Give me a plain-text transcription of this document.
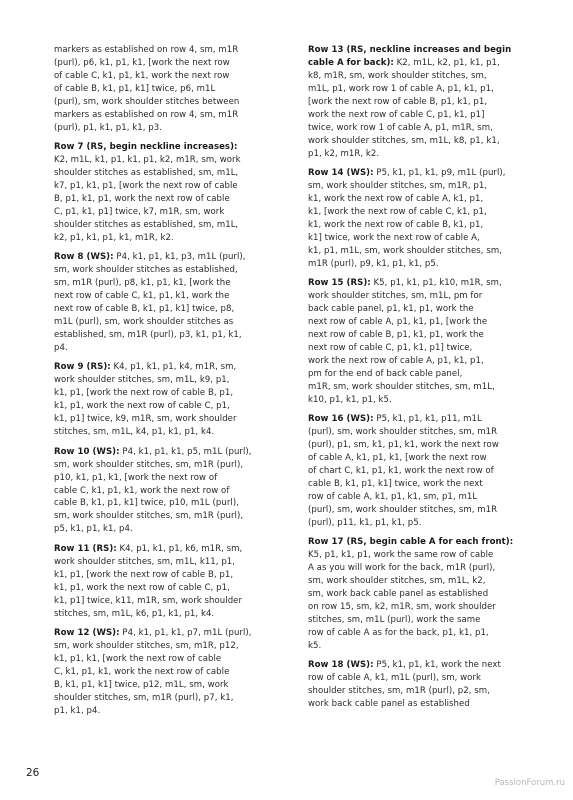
markers as established on row 4, sm, m1R
(purl), p6, k1, p1, k1, [work the next row
of cable C, k1, p1, k1, work the next row
of cable B, k1, p1, k1] twice, p6, m1L
(purl), sm, work shoulder stitches between
markers as established on row 4, sm, m1R
(purl), p1, k1, p1, k1, p3.
Row 7 (RS, begin neckline increases):
K2, m1L, k1, p1, k1, p1, k2, m1R, sm, work
shoulder stitches as established, sm, m1L,
k7, p1, k1, p1, [work the next row of cable
B, p1, k1, p1, work the next row of cable
C, p1, k1, p1] twice, k7, m1R, sm, work
shoulder stitches as established, sm, m1L,
k2, p1, k1, p1, k1, m1R, k2.
Row 8 (WS): P4, k1, p1, k1, p3, m1L (purl),
sm, work shoulder stitches as established,
sm, m1R (purl), p8, k1, p1, k1, [work the
next row of cable C, k1, p1, k1, work the
next row of cable B, k1, p1, k1] twice, p8,
m1L (purl), sm, work shoulder stitches as
established, sm, m1R (purl), p3, k1, p1, k1,
p4.
Row 9 (RS): K4, p1, k1, p1, k4, m1R, sm,
work shoulder stitches, sm, m1L, k9, p1,
k1, p1, [work the next row of cable B, p1,
k1, p1, work the next row of cable C, p1,
k1, p1] twice, k9, m1R, sm, work shoulder
stitches, sm, m1L, k4, p1, k1, p1, k4.
Row 10 (WS): P4, k1, p1, k1, p5, m1L (purl),
sm, work shoulder stitches, sm, m1R (purl),
p10, k1, p1, k1, [work the next row of
cable C, k1, p1, k1, work the next row of
cable B, k1, p1, k1] twice, p10, m1L (purl),
sm, work shoulder stitches, sm, m1R (purl),
p5, k1, p1, k1, p4.
Row 11 (RS): K4, p1, k1, p1, k6, m1R, sm,
work shoulder stitches, sm, m1L, k11, p1,
k1, p1, [work the next row of cable B, p1,
k1, p1, work the next row of cable C, p1,
k1, p1] twice, k11, m1R, sm, work shoulder
stitches, sm, m1L, k6, p1, k1, p1, k4.
Row 12 (WS): P4, k1, p1, k1, p7, m1L (purl),
sm, work shoulder stitches, sm, m1R, p12,
k1, p1, k1, [work the next row of cable
C, k1, p1, k1, work the next row of cable
B, k1, p1, k1] twice, p12, m1L, sm, work
shoulder stitches, sm, m1R (purl), p7, k1,
p1, k1, p4.
Row 13 (RS, neckline increases and begin
cable A for back): K2, m1L, k2, p1, k1, p1,
k8, m1R, sm, work shoulder stitches, sm,
m1L, p1, work row 1 of cable A, p1, k1, p1,
[work the next row of cable B, p1, k1, p1,
work the next row of cable C, p1, k1, p1]
twice, work row 1 of cable A, p1, m1R, sm,
work shoulder stitches, sm, m1L, k8, p1, k1,
p1, k2, m1R, k2.
Row 14 (WS): P5, k1, p1, k1, p9, m1L (purl),
sm, work shoulder stitches, sm, m1R, p1,
k1, work the next row of cable A, k1, p1,
k1, [work the next row of cable C, k1, p1,
k1, work the next row of cable B, k1, p1,
k1] twice, work the next row of cable A,
k1, p1, m1L, sm, work shoulder stitches, sm,
m1R (purl), p9, k1, p1, k1, p5.
Row 15 (RS): K5, p1, k1, p1, k10, m1R, sm,
work shoulder stitches, sm, m1L, pm for
back cable panel, p1, k1, p1, work the
next row of cable A, p1, k1, p1, [work the
next row of cable B, p1, k1, p1, work the
next row of cable C, p1, k1, p1] twice,
work the next row of cable A, p1, k1, p1,
pm for the end of back cable panel,
m1R, sm, work shoulder stitches, sm, m1L,
k10, p1, k1, p1, k5.
Row 16 (WS): P5, k1, p1, k1, p11, m1L
(purl), sm, work shoulder stitches, sm, m1R
(purl), p1, sm, k1, p1, k1, work the next row
of cable A, k1, p1, k1, [work the next row
of chart C, k1, p1, k1, work the next row of
cable B, k1, p1, k1] twice, work the next
row of cable A, k1, p1, k1, sm, p1, m1L
(purl), sm, work shoulder stitches, sm, m1R
(purl), p11, k1, p1, k1, p5.
Row 17 (RS, begin cable A for each front):
K5, p1, k1, p1, work the same row of cable
A as you will work for the back, m1R (purl),
sm, work shoulder stitches, sm, m1L, k2,
sm, work back cable panel as established
on row 15, sm, k2, m1R, sm, work shoulder
stitches, sm, m1L (purl), work the same
row of cable A as for the back, p1, k1, p1,
k5.
Row 18 (WS): P5, k1, p1, k1, work the next
row of cable A, k1, m1L (purl), sm, work
shoulder stitches, sm, m1R (purl), p2, sm,
work back cable panel as established
26
PassionForum.ru
